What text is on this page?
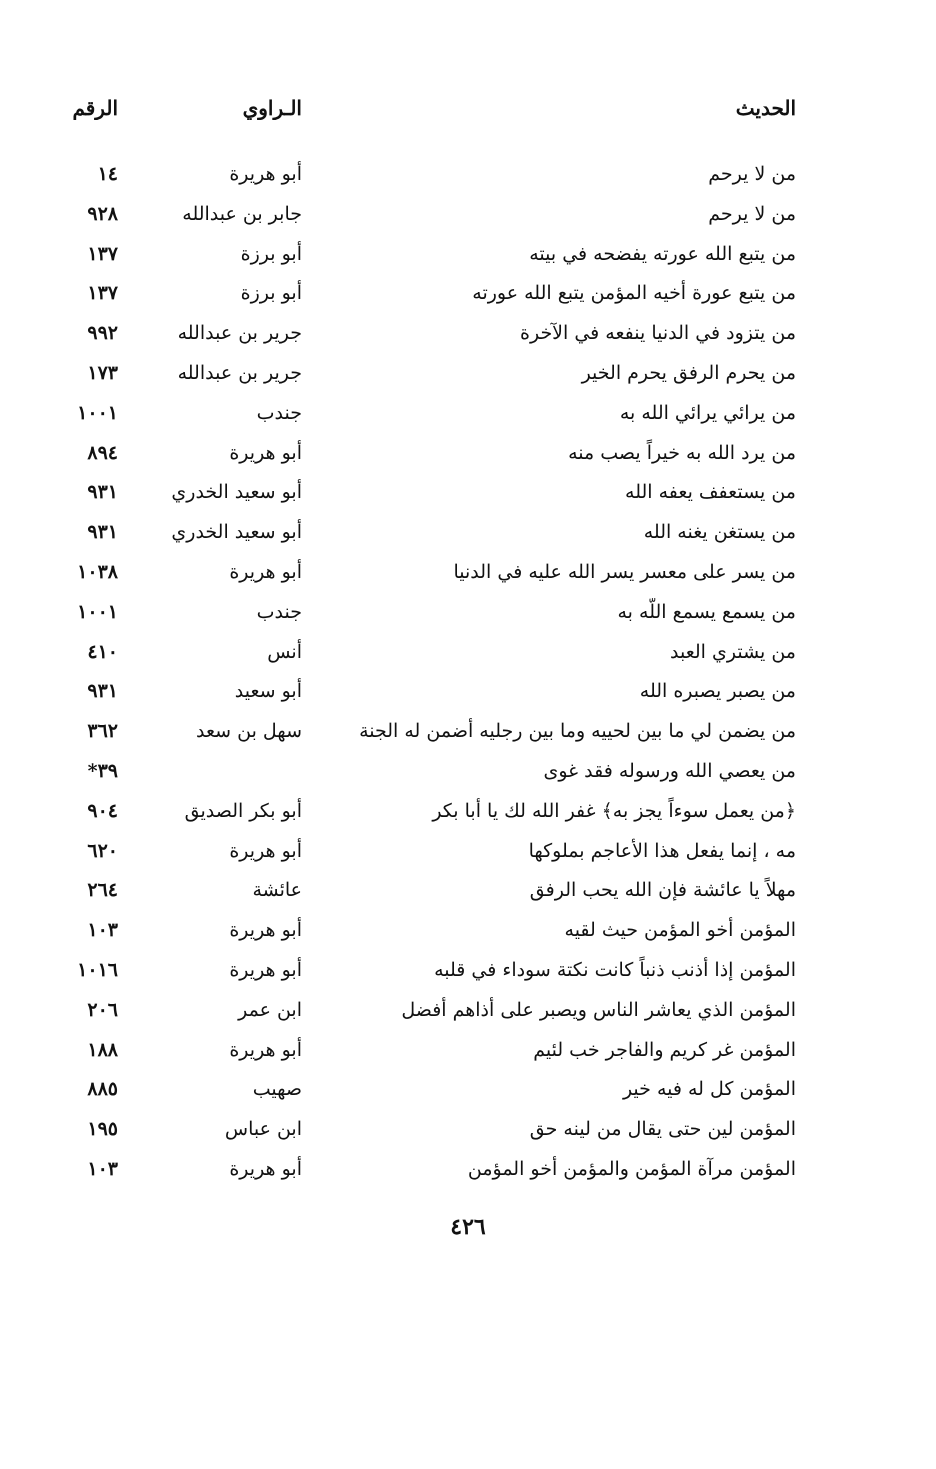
الحديث
الـراوي
الرقم
من لا يرحم
أبو هريرة
١٤
من لا يرحم
جابر بن عبدالله
٩٢٨
من يتبع الله عورته يفضحه في بيته
أبو برزة
١٣٧
من يتبع عورة أخيه المؤمن يتبع الله عورته
أبو برزة
١٣٧
من يتزود في الدنيا ينفعه في الآخرة
جرير بن عبدالله
٩٩٢
من يحرم الرفق يحرم الخير
جرير بن عبدالله
١٧٣
من يرائي يرائي الله به
جندب
١٠٠١
من يرد الله به خيراً يصب منه
أبو هريرة
٨٩٤
من يستعفف يعفه الله
أبو سعيد الخدري
٩٣١
من يستغن يغنه الله
أبو سعيد الخدري
٩٣١
من يسر على معسر يسر الله عليه في الدنيا
أبو هريرة
١٠٣٨
من يسمع يسمع اللّه به
جندب
١٠٠١
من يشتري العبد
أنس
٤١٠
من يصبر يصبره الله
أبو سعيد
٩٣١
من يضمن لي ما بين لحييه وما بين رجليه أضمن له الجنة
سهل بن سعد
٣٦٢
من يعصي الله ورسوله فقد غوى
٣٩*
﴿من يعمل سوءاً يجز به﴾ غفر الله لك يا أبا بكر
أبو بكر الصديق
٩٠٤
مه ، إنما يفعل هذا الأعاجم بملوكها
أبو هريرة
٦٢٠
مهلاً يا عائشة فإن الله يحب الرفق
عائشة
٢٦٤
المؤمن أخو المؤمن حيث لقيه
أبو هريرة
١٠٣
المؤمن إذا أذنب ذنباً كانت نكتة سوداء في قلبه
أبو هريرة
١٠١٦
المؤمن الذي يعاشر الناس ويصبر على أذاهم أفضل
ابن عمر
٢٠٦
المؤمن غر كريم والفاجر خب لئيم
أبو هريرة
١٨٨
المؤمن كل له فيه خير
صهيب
٨٨٥
المؤمن لين حتى يقال من لينه حق
ابن عباس
١٩٥
المؤمن مرآة المؤمن والمؤمن أخو المؤمن
أبو هريرة
١٠٣
٤٢٦
